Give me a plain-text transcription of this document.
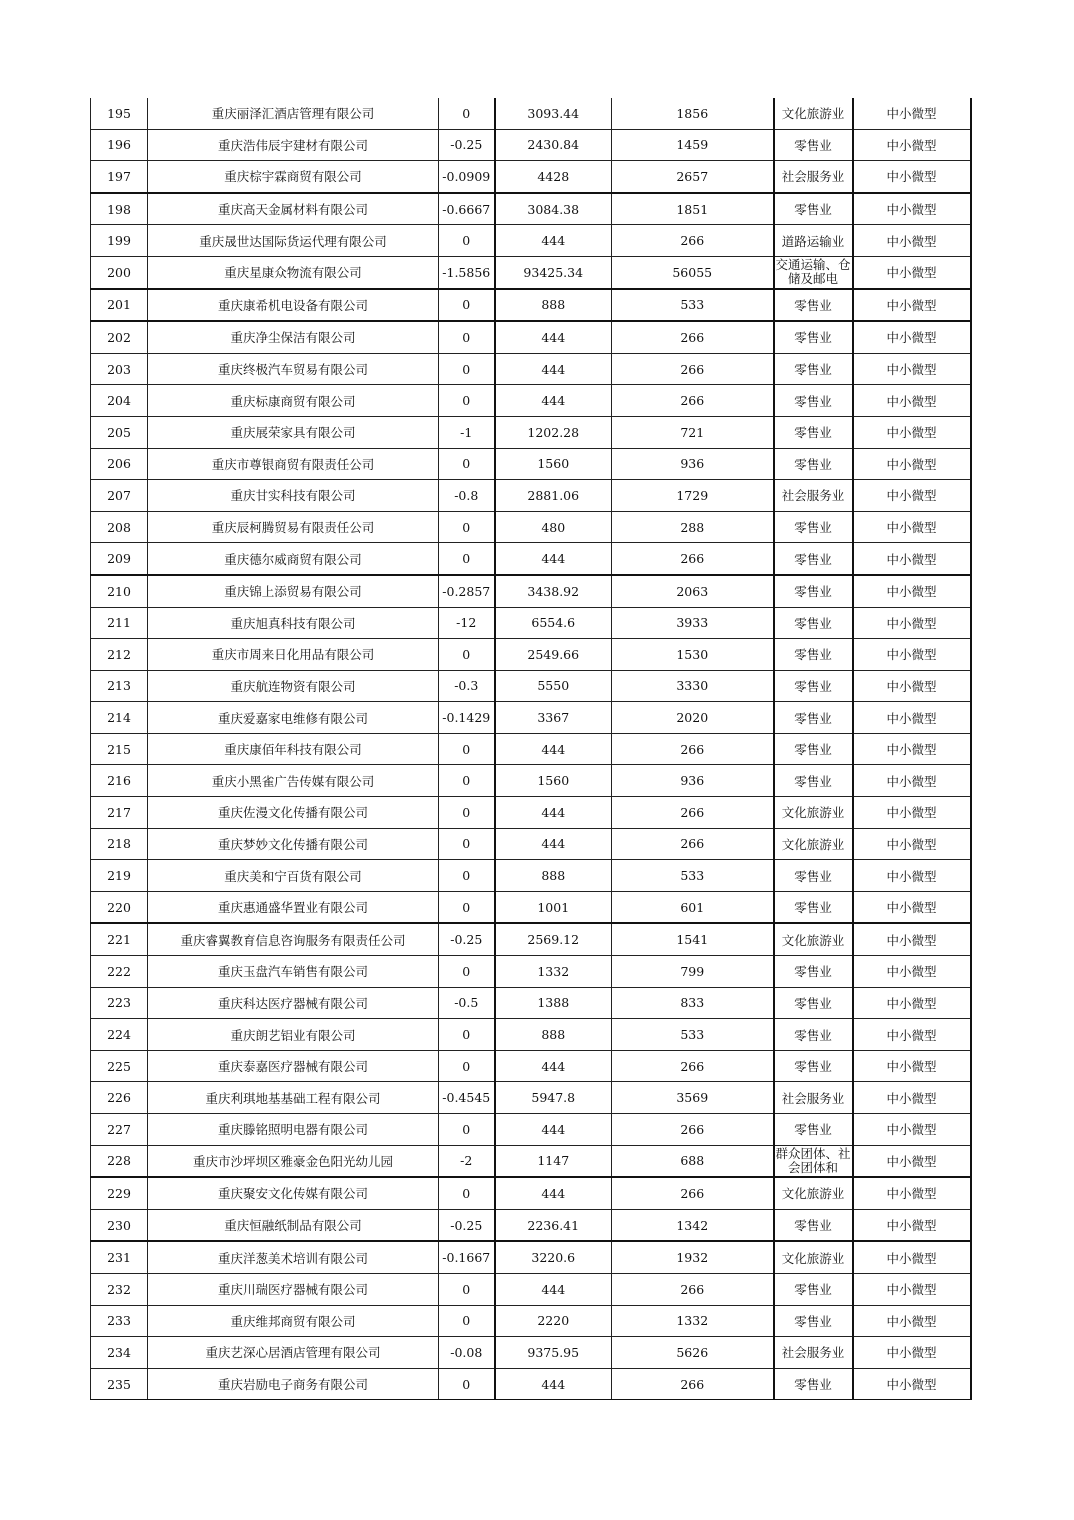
195	重庆丽泽汇酒店管理有限公司	0	3093.44	1856	文化旅游业	中小微型
196	重庆浩伟辰宇建材有限公司	-0.25	2430.84	1459	零售业	中小微型
197	重庆棕宇霖商贸有限公司	-0.0909	4428	2657	社会服务业	中小微型
198	重庆高天金属材料有限公司	-0.6667	3084.38	1851	零售业	中小微型
199	重庆晟世达国际货运代理有限公司	0	444	266	道路运输业	中小微型
200	重庆星康众物流有限公司	-1.5856	93425.34	56055	交通运输、仓储及邮电	中小微型
201	重庆康希机电设备有限公司	0	888	533	零售业	中小微型
202	重庆净尘保洁有限公司	0	444	266	零售业	中小微型
203	重庆终极汽车贸易有限公司	0	444	266	零售业	中小微型
204	重庆标康商贸有限公司	0	444	266	零售业	中小微型
205	重庆展荣家具有限公司	-1	1202.28	721	零售业	中小微型
206	重庆市尊银商贸有限责任公司	0	1560	936	零售业	中小微型
207	重庆甘实科技有限公司	-0.8	2881.06	1729	社会服务业	中小微型
208	重庆辰柯腾贸易有限责任公司	0	480	288	零售业	中小微型
209	重庆德尔威商贸有限公司	0	444	266	零售业	中小微型
210	重庆锦上添贸易有限公司	-0.2857	3438.92	2063	零售业	中小微型
211	重庆旭真科技有限公司	-12	6554.6	3933	零售业	中小微型
212	重庆市周来日化用品有限公司	0	2549.66	1530	零售业	中小微型
213	重庆航连物资有限公司	-0.3	5550	3330	零售业	中小微型
214	重庆爱嘉家电维修有限公司	-0.1429	3367	2020	零售业	中小微型
215	重庆康佰年科技有限公司	0	444	266	零售业	中小微型
216	重庆小黑雀广告传媒有限公司	0	1560	936	零售业	中小微型
217	重庆佐漫文化传播有限公司	0	444	266	文化旅游业	中小微型
218	重庆梦妙文化传播有限公司	0	444	266	文化旅游业	中小微型
219	重庆美和宁百货有限公司	0	888	533	零售业	中小微型
220	重庆惠通盛华置业有限公司	0	1001	601	零售业	中小微型
221	重庆睿翼教育信息咨询服务有限责任公司	-0.25	2569.12	1541	文化旅游业	中小微型
222	重庆玉盘汽车销售有限公司	0	1332	799	零售业	中小微型
223	重庆科达医疗器械有限公司	-0.5	1388	833	零售业	中小微型
224	重庆朗艺铝业有限公司	0	888	533	零售业	中小微型
225	重庆泰嘉医疗器械有限公司	0	444	266	零售业	中小微型
226	重庆利琪地基基础工程有限公司	-0.4545	5947.8	3569	社会服务业	中小微型
227	重庆滕铭照明电器有限公司	0	444	266	零售业	中小微型
228	重庆市沙坪坝区雅豪金色阳光幼儿园	-2	1147	688	群众团体、社会团体和	中小微型
229	重庆聚安文化传媒有限公司	0	444	266	文化旅游业	中小微型
230	重庆恒融纸制品有限公司	-0.25	2236.41	1342	零售业	中小微型
231	重庆洋葱美术培训有限公司	-0.1667	3220.6	1932	文化旅游业	中小微型
232	重庆川瑞医疗器械有限公司	0	444	266	零售业	中小微型
233	重庆维邦商贸有限公司	0	2220	1332	零售业	中小微型
234	重庆艺深心居酒店管理有限公司	-0.08	9375.95	5626	社会服务业	中小微型
235	重庆岩励电子商务有限公司	0	444	266	零售业	中小微型
